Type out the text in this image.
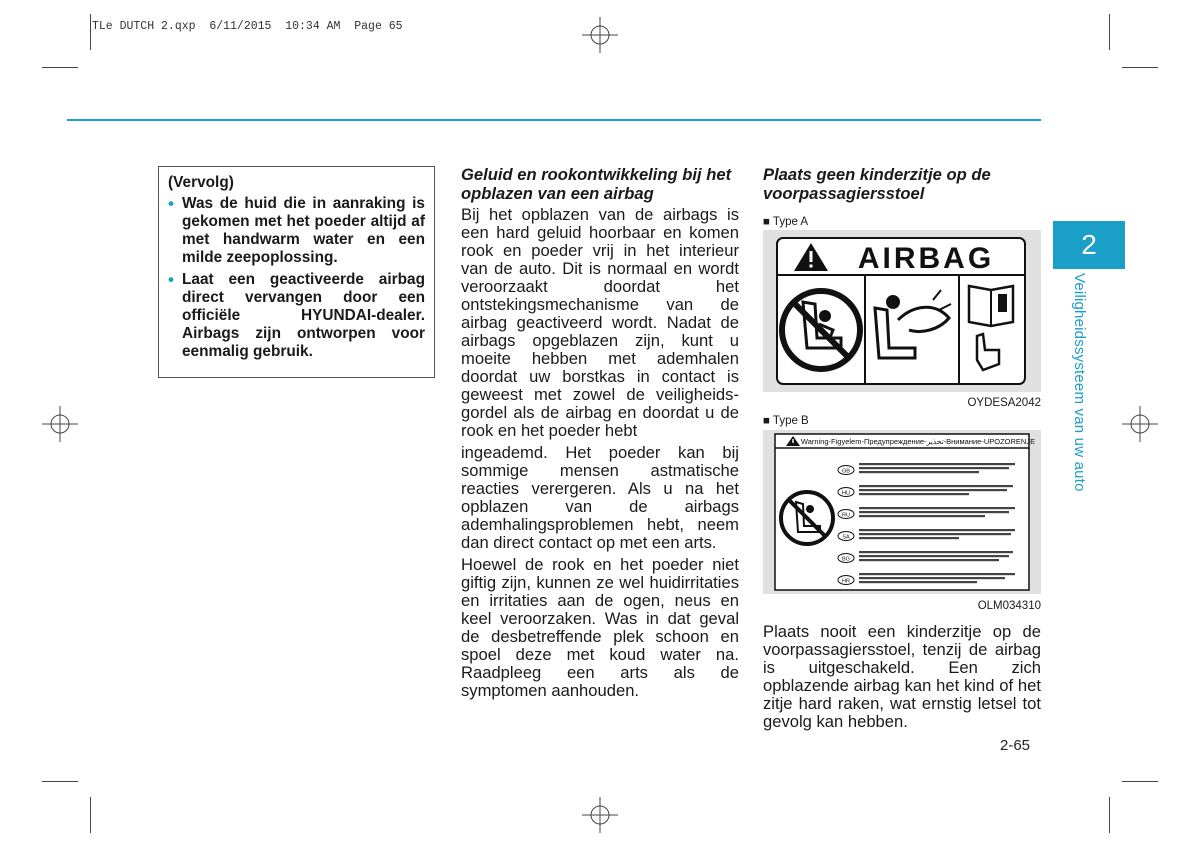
TLe DUTCH 2.qxp  6/11/2015  10:34 AM  Page 65
(Vervolg)
• Was de huid die in aanraking is gekomen met het poeder altijd af met handwarm water en een milde zeepoplossing.
• Laat een geactiveerde airbag direct vervangen door een officiële HYUNDAI-dealer. Airbags zijn ontworpen voor eenmalig gebruik.
Geluid en rookontwikkeling bij het opblazen van een airbag

Bij het opblazen van de airbags is een hard geluid hoorbaar en komen rook en poeder vrij in het interieur van de auto. Dit is normaal en wordt veroorzaakt doordat het ontstekingsmechanisme van de airbag geactiveerd wordt. Nadat de airbags opgeblazen zijn, kunt u moeite hebben met ademhalen doordat uw borstkas in contact is geweest met zowel de veiligheids-gordel als de airbag en doordat u de rook en het poeder hebt

ingeademd. Het poeder kan bij sommige mensen astmatische reacties verergeren. Als u na het opblazen van de airbags ademhalingsproblemen hebt, neem dan direct contact op met een arts.

Hoewel de rook en het poeder niet giftig zijn, kunnen ze wel huidirritaties en irritaties aan de ogen, neus en keel veroorzaken. Was in dat geval de desbetreffende plek schoon en spoel deze met koud water na. Raadpleeg een arts als de symptomen aanhouden.

Plaats geen kinderzitje op de voorpassagiersstoel
■ Type A
AIRBAG
OYDESA2042
■ Type B
Warning-Figyelem-Предупреждение-تحذير-Внимание-UPOZORENJE
GB
HU
RU
SA
BG
HR
OLM034310

Plaats nooit een kinderzitje op de voorpassagiersstoel, tenzij de airbag is uitgeschakeld. Een zich opblazende airbag kan het kind of het zitje hard raken, wat ernstig letsel tot gevolg kan hebben.

2
Veiligheidssysteem van uw auto
2-65
